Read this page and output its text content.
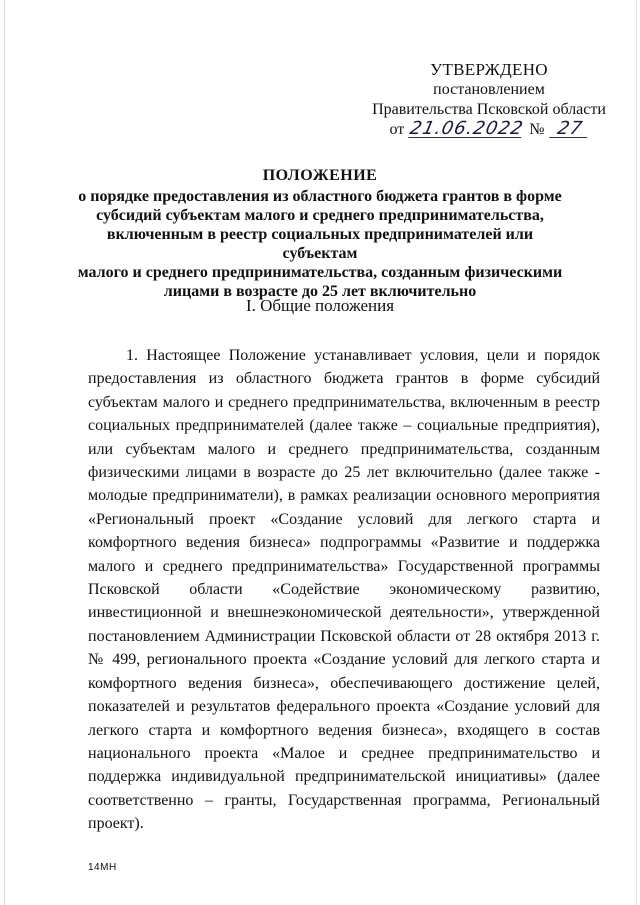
УТВЕРЖДЕНО
постановлением
Правительства Псковской области
от 21.06.2022 № 27
ПОЛОЖЕНИЕ
о порядке предоставления из областного бюджета грантов в форме
субсидий субъектам малого и среднего предпринимательства,
включенным в реестр социальных предпринимателей или субъектам
малого и среднего предпринимательства, созданным физическими
лицами в возрасте до 25 лет включительно
I. Общие положения
1. Настоящее Положение устанавливает условия, цели и порядок предоставления из областного бюджета грантов в форме субсидий субъектам малого и среднего предпринимательства, включенным в реестр социальных предпринимателей (далее также – социальные предприятия), или субъектам малого и среднего предпринимательства, созданным физическими лицами в возрасте до 25 лет включительно (далее также - молодые предприниматели), в рамках реализации основного мероприятия «Региональный проект «Создание условий для легкого старта и комфортного ведения бизнеса» подпрограммы «Развитие и поддержка малого и среднего предпринимательства» Государственной программы Псковской области «Содействие экономическому развитию, инвестиционной и внешнеэкономической деятельности», утвержденной постановлением Администрации Псковской области от 28 октября 2013 г. № 499, регионального проекта «Создание условий для легкого старта и комфортного ведения бизнеса», обеспечивающего достижение целей, показателей и результатов федерального проекта «Создание условий для легкого старта и комфортного ведения бизнеса», входящего в состав национального проекта «Малое и среднее предпринимательство и поддержка индивидуальной предпринимательской инициативы» (далее соответственно – гранты, Государственная программа, Региональный проект).
14МН
